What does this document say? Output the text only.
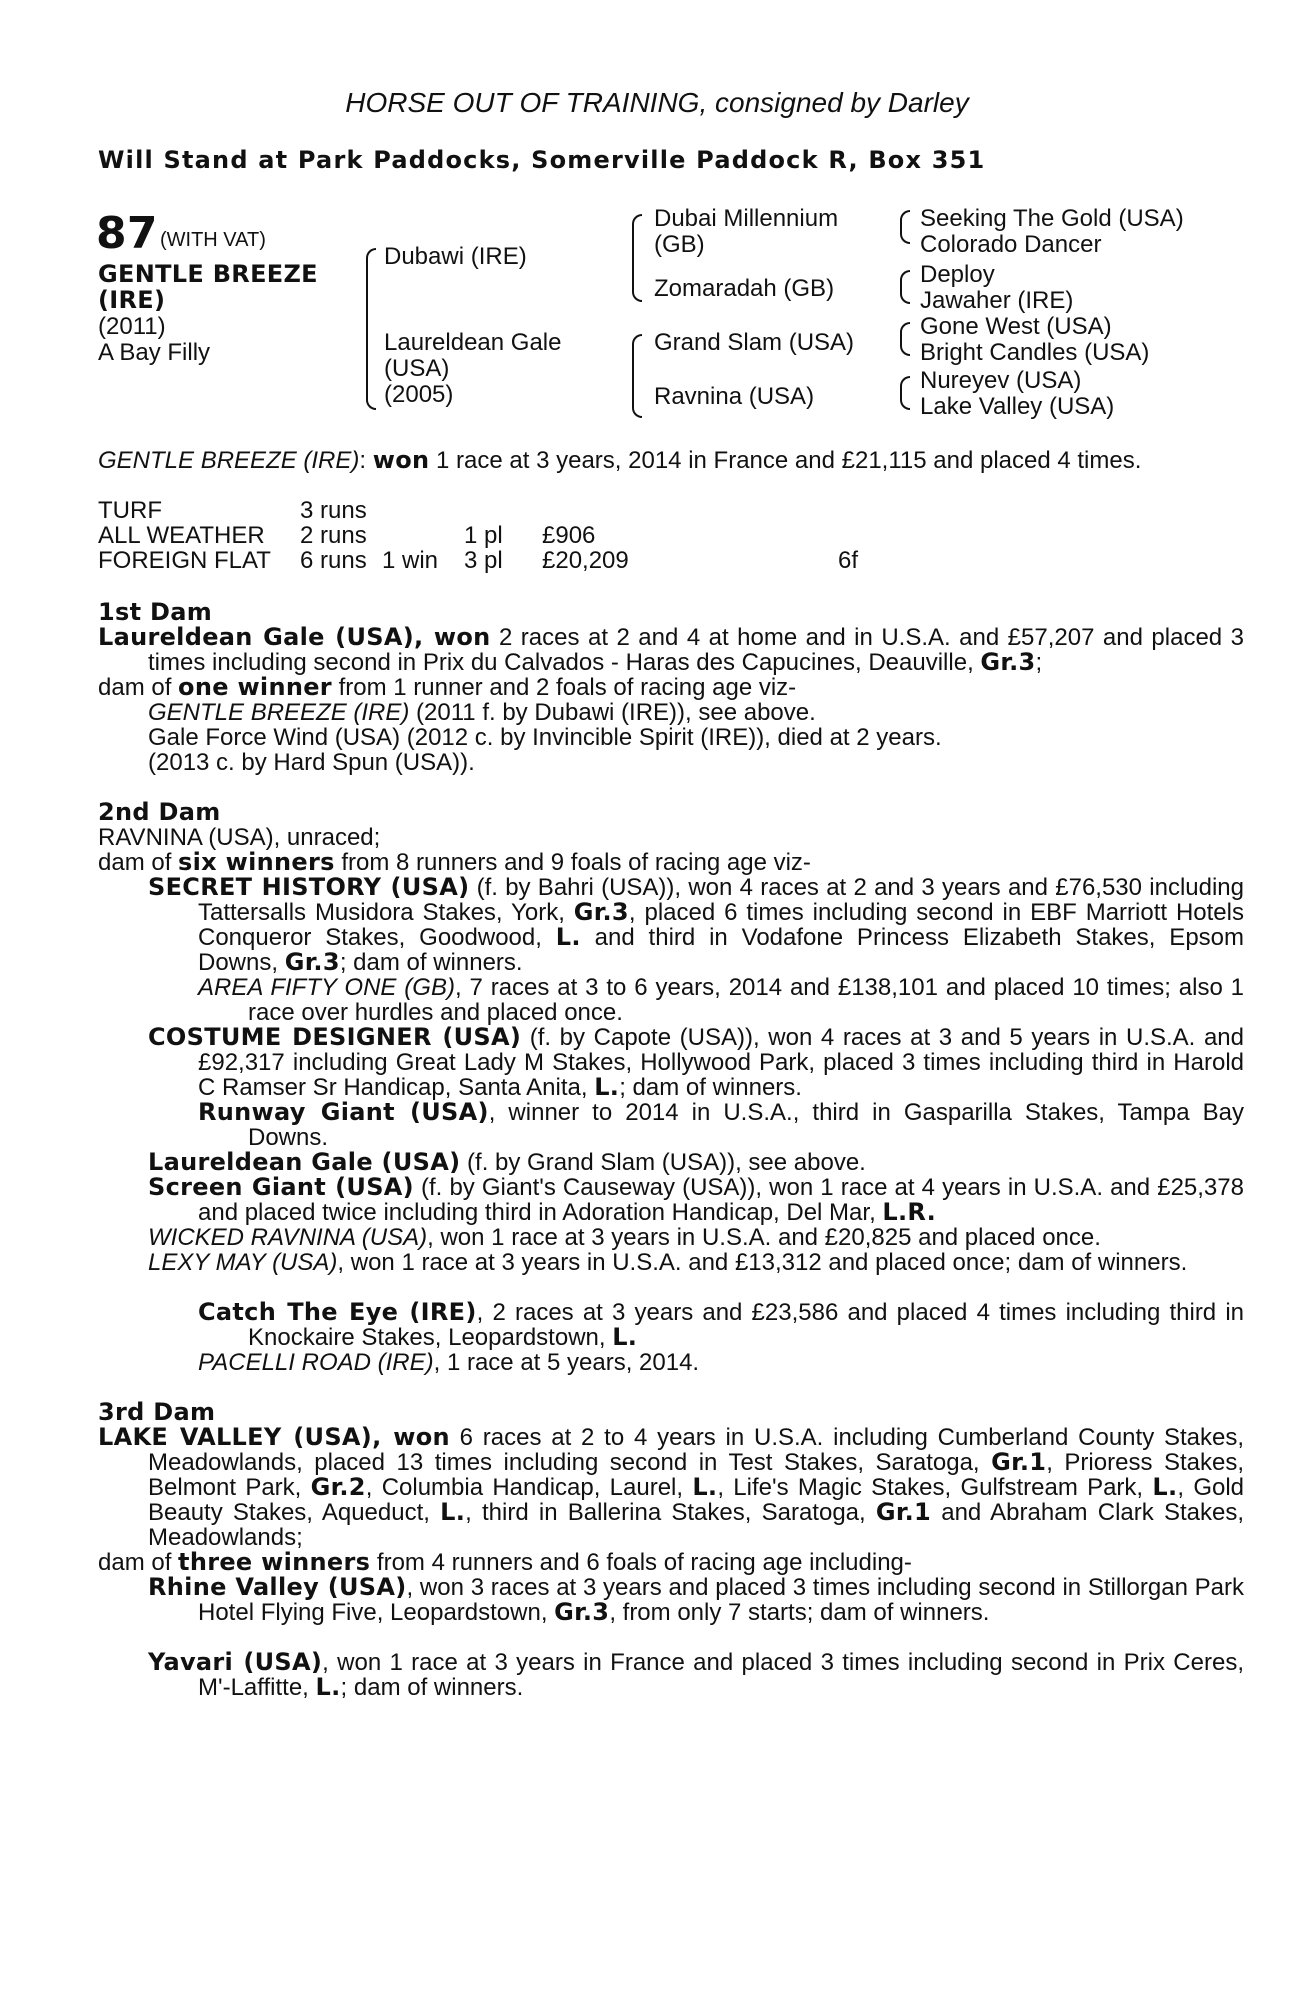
HORSE OUT OF TRAINING, consigned by Darley
Will Stand at Park Paddocks, Somerville Paddock R, Box 351
87 (WITH VAT)
GENTLE BREEZE
(IRE)
(2011)
A Bay Filly
Dubawi (IRE)
Laureldean Gale
(USA)
(2005)
Dubai Millennium
(GB)
Zomaradah (GB)
Grand Slam (USA)
Ravnina (USA)
Seeking The Gold (USA)
Colorado Dancer
Deploy
Jawaher (IRE)
Gone West (USA)
Bright Candles (USA)
Nureyev (USA)
Lake Valley (USA)
GENTLE BREEZE (IRE): won 1 race at 3 years, 2014 in France and £21,115 and placed 4 times.
TURF	3 runs
ALL WEATHER 2 runs	1 pl £906
FOREIGN FLAT 6 runs 1 win 3 pl £20,209	6f
1st Dam
Laureldean Gale (USA), won 2 races at 2 and 4 at home and in U.S.A. and £57,207 and placed 3 times including second in Prix du Calvados - Haras des Capucines, Deauville, Gr.3;
dam of one winner from 1 runner and 2 foals of racing age viz-
GENTLE BREEZE (IRE) (2011 f. by Dubawi (IRE)), see above.
Gale Force Wind (USA) (2012 c. by Invincible Spirit (IRE)), died at 2 years.
(2013 c. by Hard Spun (USA)).
2nd Dam
RAVNINA (USA), unraced;
dam of six winners from 8 runners and 9 foals of racing age viz-
SECRET HISTORY (USA) (f. by Bahri (USA)), won 4 races at 2 and 3 years and £76,530 including Tattersalls Musidora Stakes, York, Gr.3, placed 6 times including second in EBF Marriott Hotels Conqueror Stakes, Goodwood, L. and third in Vodafone Princess Elizabeth Stakes, Epsom Downs, Gr.3; dam of winners.
AREA FIFTY ONE (GB), 7 races at 3 to 6 years, 2014 and £138,101 and placed 10 times; also 1 race over hurdles and placed once.
COSTUME DESIGNER (USA) (f. by Capote (USA)), won 4 races at 3 and 5 years in U.S.A. and £92,317 including Great Lady M Stakes, Hollywood Park, placed 3 times including third in Harold C Ramser Sr Handicap, Santa Anita, L.; dam of winners.
Runway Giant (USA), winner to 2014 in U.S.A., third in Gasparilla Stakes, Tampa Bay Downs.
Laureldean Gale (USA) (f. by Grand Slam (USA)), see above.
Screen Giant (USA) (f. by Giant's Causeway (USA)), won 1 race at 4 years in U.S.A. and £25,378 and placed twice including third in Adoration Handicap, Del Mar, L.R.
WICKED RAVNINA (USA), won 1 race at 3 years in U.S.A. and £20,825 and placed once.
LEXY MAY (USA), won 1 race at 3 years in U.S.A. and £13,312 and placed once; dam of winners.
Catch The Eye (IRE), 2 races at 3 years and £23,586 and placed 4 times including third in Knockaire Stakes, Leopardstown, L.
PACELLI ROAD (IRE), 1 race at 5 years, 2014.
3rd Dam
LAKE VALLEY (USA), won 6 races at 2 to 4 years in U.S.A. including Cumberland County Stakes, Meadowlands, placed 13 times including second in Test Stakes, Saratoga, Gr.1, Prioress Stakes, Belmont Park, Gr.2, Columbia Handicap, Laurel, L., Life's Magic Stakes, Gulfstream Park, L., Gold Beauty Stakes, Aqueduct, L., third in Ballerina Stakes, Saratoga, Gr.1 and Abraham Clark Stakes, Meadowlands;
dam of three winners from 4 runners and 6 foals of racing age including-
Rhine Valley (USA), won 3 races at 3 years and placed 3 times including second in Stillorgan Park Hotel Flying Five, Leopardstown, Gr.3, from only 7 starts; dam of winners.
Yavari (USA), won 1 race at 3 years in France and placed 3 times including second in Prix Ceres, M'-Laffitte, L.; dam of winners.
